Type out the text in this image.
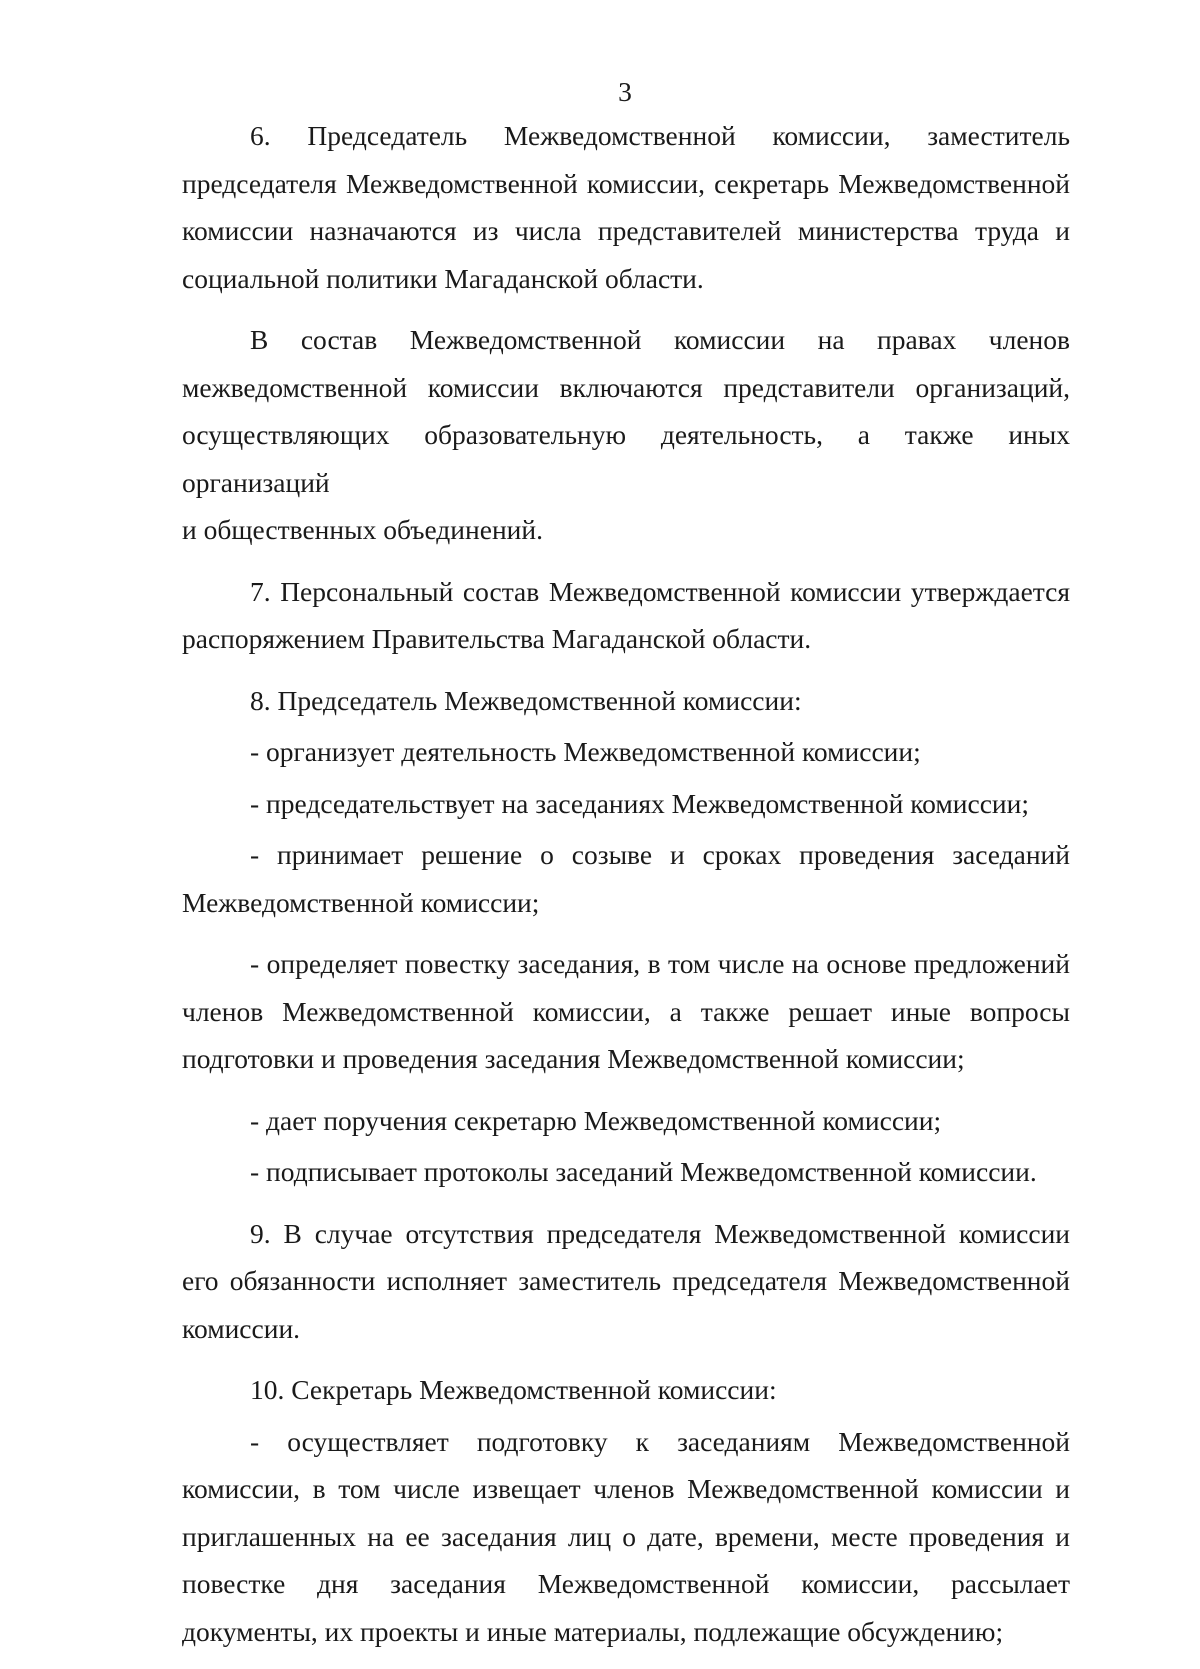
3

6. Председатель Межведомственной комиссии, заместитель председателя Межведомственной комиссии, секретарь Межведомственной комиссии назначаются из числа представителей министерства труда и социальной политики Магаданской области.

В состав Межведомственной комиссии на правах членов межведомственной комиссии включаются представители организаций, осуществляющих образовательную деятельность, а также иных организаций

и общественных объединений.

7. Персональный состав Межведомственной комиссии утверждается распоряжением Правительства Магаданской области.

8. Председатель Межведомственной комиссии:

- организует деятельность Межведомственной комиссии;

- председательствует на заседаниях Межведомственной комиссии;

- принимает решение о созыве и сроках проведения заседаний Межведомственной комиссии;

- определяет повестку заседания, в том числе на основе предложений членов Межведомственной комиссии, а также решает иные вопросы подготовки и проведения заседания Межведомственной комиссии;

- дает поручения секретарю Межведомственной комиссии;

- подписывает протоколы заседаний Межведомственной комиссии.

9. В случае отсутствия председателя Межведомственной комиссии его обязанности исполняет заместитель председателя Межведомственной комиссии.

10. Секретарь Межведомственной комиссии:

- осуществляет подготовку к заседаниям Межведомственной комиссии, в том числе извещает членов Межведомственной комиссии и приглашенных на ее заседания лиц о дате, времени, месте проведения и повестке дня заседания Межведомственной комиссии, рассылает документы, их проекты и иные материалы, подлежащие обсуждению;
